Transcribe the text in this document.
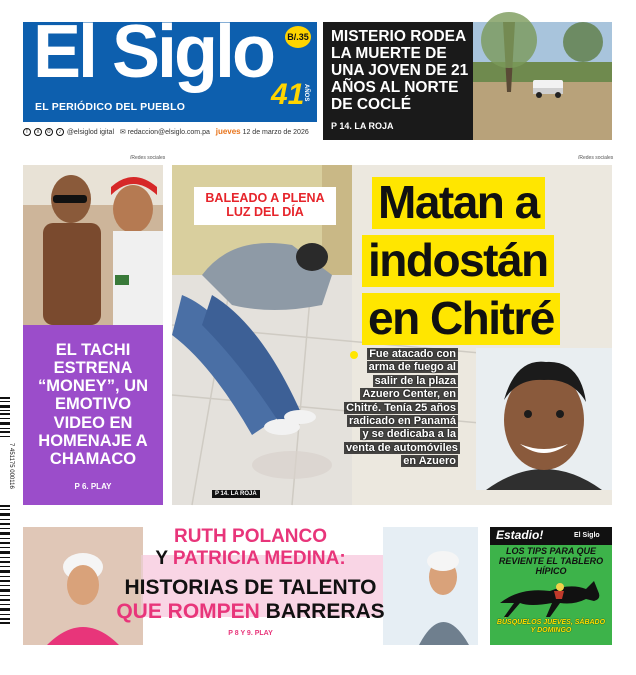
El Siglo
EL PERIÓDICO DEL PUEBLO	41
AÑOS
B/.35
f x o ♪ @elsiglod igital ✉ redaccion@elsiglo.com.pa jueves 12 de marzo de 2026
MISTERIO RODEA LA MUERTE DE UNA JOVEN DE 21 AÑOS AL NORTE DE COCLÉ
P 14. LA ROJA
/Redes sociales	/Redes sociales
EL TACHI ESTRENA “MONEY”, UN EMOTIVO VIDEO EN HOMENAJE A CHAMACO
P 6. PLAY
BALEADO A PLENA LUZ DEL DÍA	Matan a
indostán
en Chitré
Fue atacado con arma de fuego al salir de la plaza Azuero Center, en Chitré. Tenía 25 años radicado en Panamá y se dedicaba a la venta de automóviles en Azuero
P 14. LA ROJA
RUTH POLANCO
Y PATRICIA MEDINA:
HISTORIAS DE TALENTO
QUE ROMPEN BARRERAS
P 8 Y 9. PLAY
Estadio!	El Siglo
LOS TIPS PARA QUE REVIENTE EL TABLERO HÍPICO
BÚSQUELOS JUEVES, SÁBADO Y DOMINGO
7 451175 000116
